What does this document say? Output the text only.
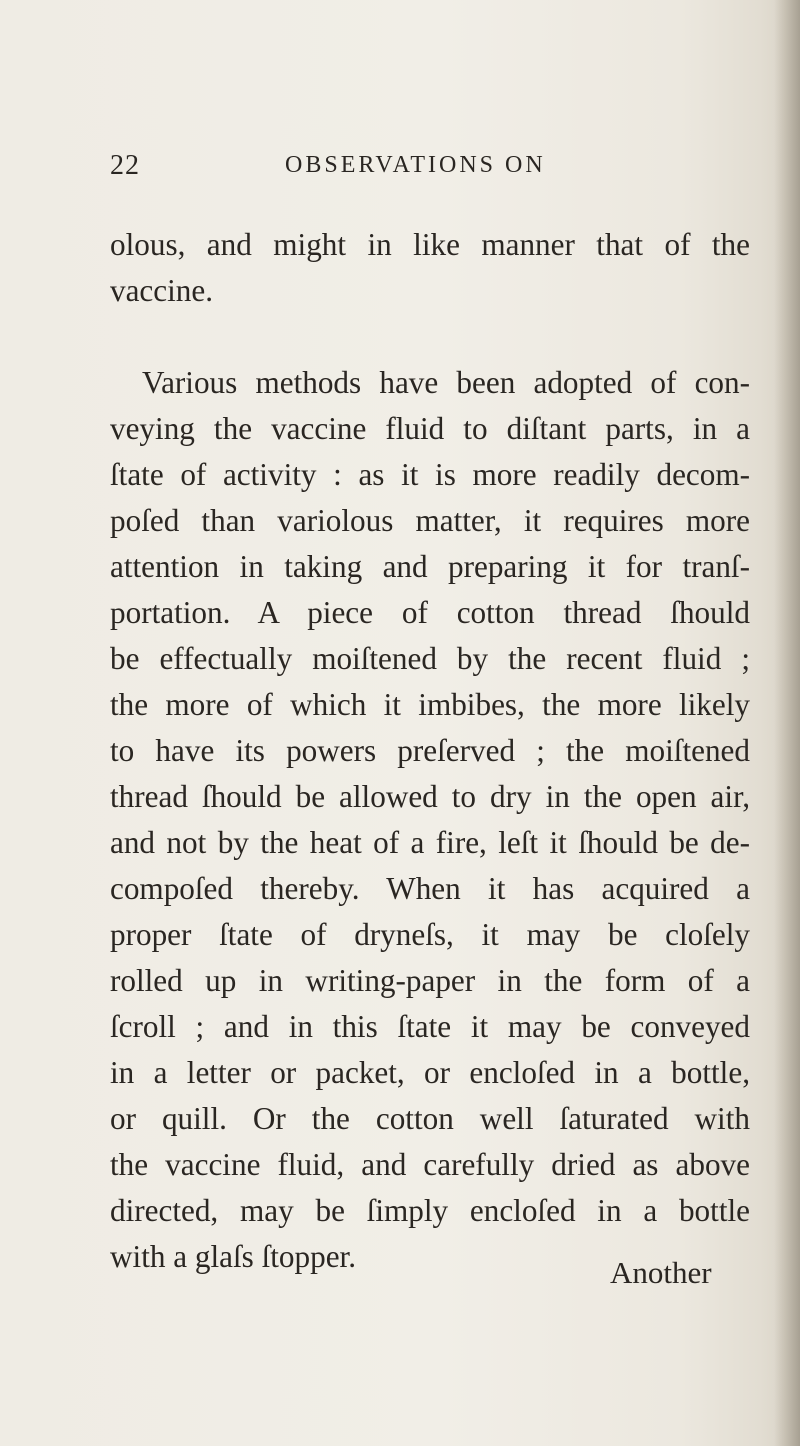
22	OBSERVATIONS ON
olous, and might in like manner that of the
vaccine.
Various methods have been adopted of con-
veying the vaccine fluid to diſtant parts, in a
ſtate of activity : as it is more readily decom-
poſed than variolous matter, it requires more
attention in taking and preparing it for tranſ-
portation. A piece of cotton thread ſhould
be effectually moiſtened by the recent fluid ;
the more of which it imbibes, the more likely
to have its powers preſerved ; the moiſtened
thread ſhould be allowed to dry in the open air,
and not by the heat of a fire, leſt it ſhould be de-
compoſed thereby. When it has acquired a
proper ſtate of dryneſs, it may be cloſely
rolled up in writing-paper in the form of a
ſcroll ; and in this ſtate it may be conveyed
in a letter or packet, or encloſed in a bottle,
or quill. Or the cotton well ſaturated with
the vaccine fluid, and carefully dried as above
directed, may be ſimply encloſed in a bottle
with a glaſs ſtopper.	Another
